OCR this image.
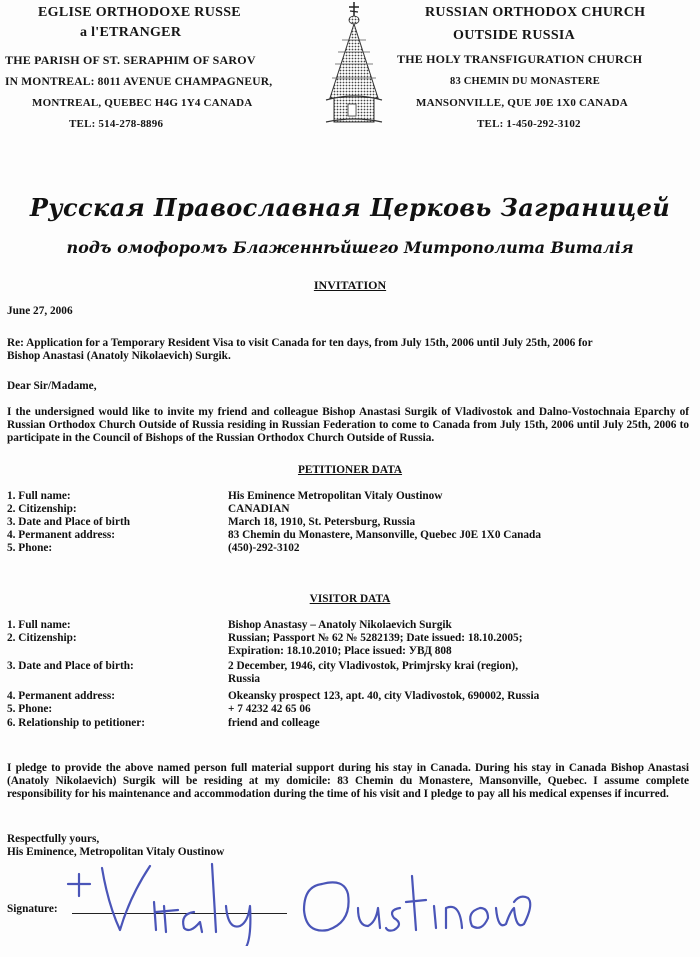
EGLISE ORTHODOXE RUSSE
a l'ETRANGER
THE PARISH OF ST. SERAPHIM OF SAROV
IN MONTREAL: 8011 AVENUE CHAMPAGNEUR,
MONTREAL, QUEBEC H4G 1Y4 CANADA
TEL: 514-278-8896
RUSSIAN ORTHODOX CHURCH
OUTSIDE RUSSIA
THE HOLY TRANSFIGURATION CHURCH
83 CHEMIN DU MONASTERE
MANSONVILLE, QUE J0E 1X0 CANADA
TEL: 1-450-292-3102
Русская Православная Церковь Заграницей
подъ омофоромъ Блаженнѣйшего Митрополита Виталія
INVITATION
June 27, 2006
Re: Application for a Temporary Resident Visa to visit Canada for ten days, from July 15th, 2006 until July 25th, 2006 for
Bishop Anastasi (Anatoly Nikolaevich) Surgik.
Dear Sir/Madame,
I the undersigned would like to invite my friend and colleague Bishop Anastasi Surgik of Vladivostok and Dalno-Vostochnaia Eparchy of Russian Orthodox Church Outside of Russia residing in Russian Federation to come to Canada from July 15th, 2006 until July 25th, 2006 to participate in the Council of Bishops of the Russian Orthodox Church Outside of Russia.
PETITIONER DATA
1. Full name:	His Eminence Metropolitan Vitaly Oustinow
2. Citizenship:	CANADIAN
3. Date and Place of birth	March 18, 1910, St. Petersburg, Russia
4. Permanent address:	83 Chemin du Monastere, Mansonville, Quebec J0E 1X0 Canada
5. Phone:	(450)-292-3102
VISITOR DATA
1. Full name:	Bishop Anastasy – Anatoly Nikolaevich Surgik
2. Citizenship:	Russian; Passport № 62 № 5282139; Date issued: 18.10.2005;
Expiration: 18.10.2010; Place issued: УВД 808
3. Date and Place of birth:	2 December, 1946, city Vladivostok, Primjrsky krai (region),
Russia
4. Permanent address:	Okeansky prospect 123, apt. 40, city Vladivostok, 690002, Russia
5. Phone:	+ 7 4232 42 65 06
6. Relationship to petitioner:	friend and colleage
I pledge to provide the above named person full material support during his stay in Canada. During his stay in Canada Bishop Anastasi (Anatoly Nikolaevich) Surgik will be residing at my domicile: 83 Chemin du Monastere, Mansonville, Quebec. I assume complete responsibility for his maintenance and accommodation during the time of his visit and I pledge to pay all his medical expenses if incurred.
Respectfully yours,
His Eminence, Metropolitan Vitaly Oustinow
Signature:
